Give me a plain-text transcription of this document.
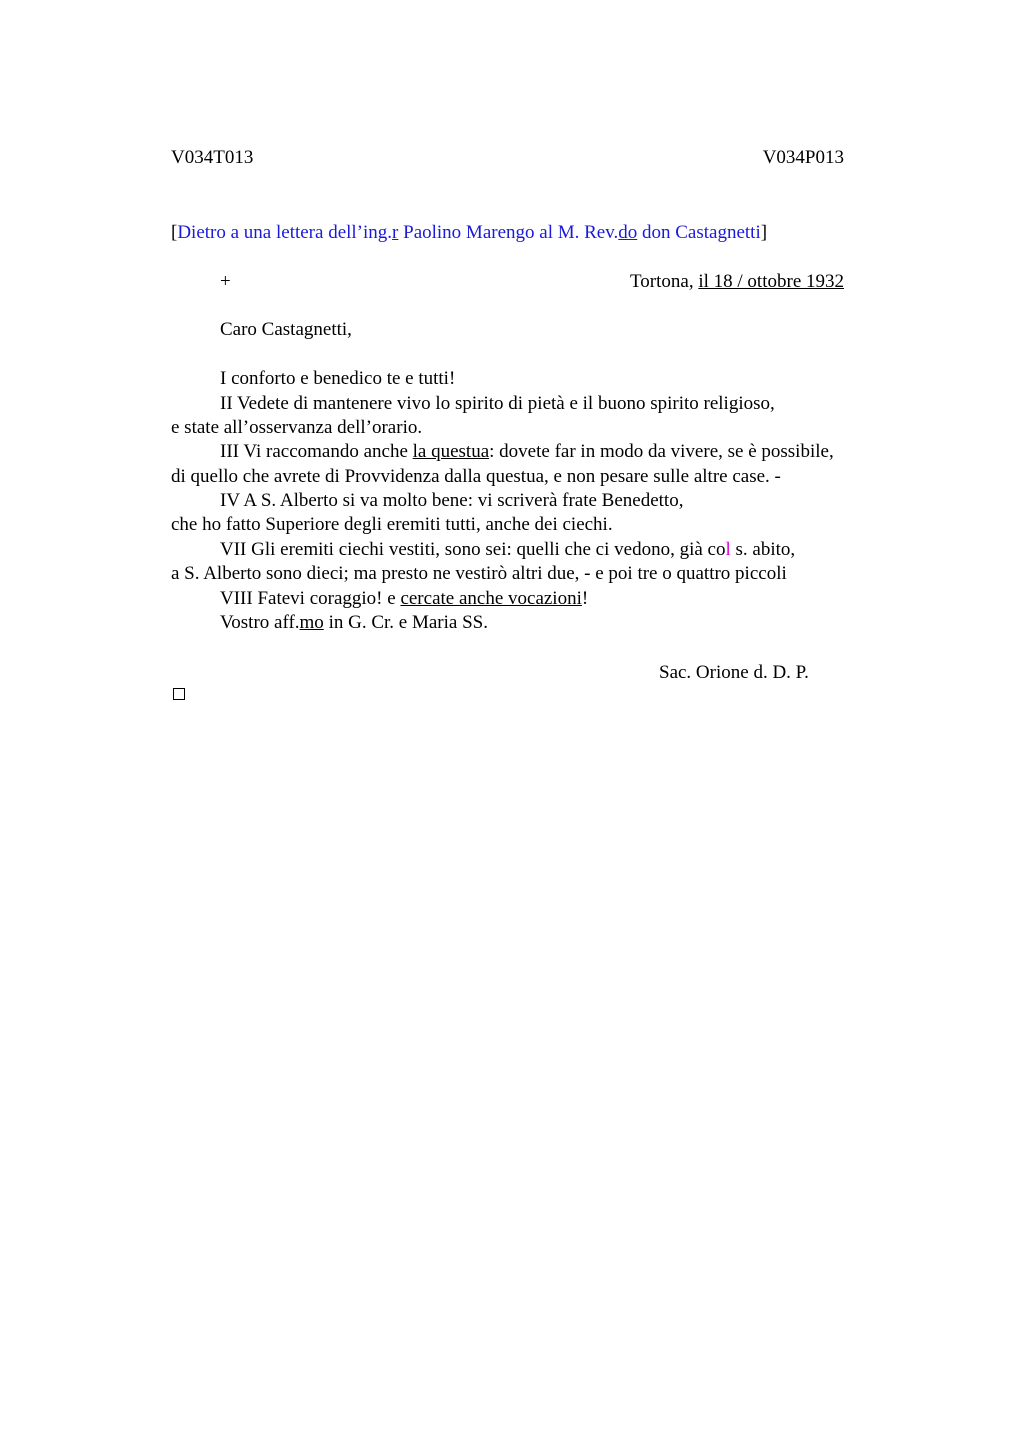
V034T013	V034P013
[Dietro a una lettera dell’ing.r Paolino Marengo al M. Rev.do don Castagnetti]
+	Tortona, il 18 / ottobre 1932
Caro Castagnetti,
I conforto e benedico te e tutti!
II Vedete di mantenere vivo lo spirito di pietà e il buono spirito religioso,
e state all’osservanza dell’orario.
III Vi raccomando anche la questua: dovete far in modo da vivere, se è possibile,
di quello che avrete di Provvidenza dalla questua, e non pesare sulle altre case. -
IV A S. Alberto si va molto bene: vi scriverà frate Benedetto,
che ho fatto Superiore degli eremiti tutti, anche dei ciechi.
VII Gli eremiti ciechi vestiti, sono sei: quelli che ci vedono, già col s. abito,
a S. Alberto sono dieci; ma presto ne vestirò altri due, - e poi tre o quattro piccoli
VIII Fatevi coraggio! e cercate anche vocazioni!
Vostro aff.mo in G. Cr. e Maria SS.
Sac. Orione d. D. P.
